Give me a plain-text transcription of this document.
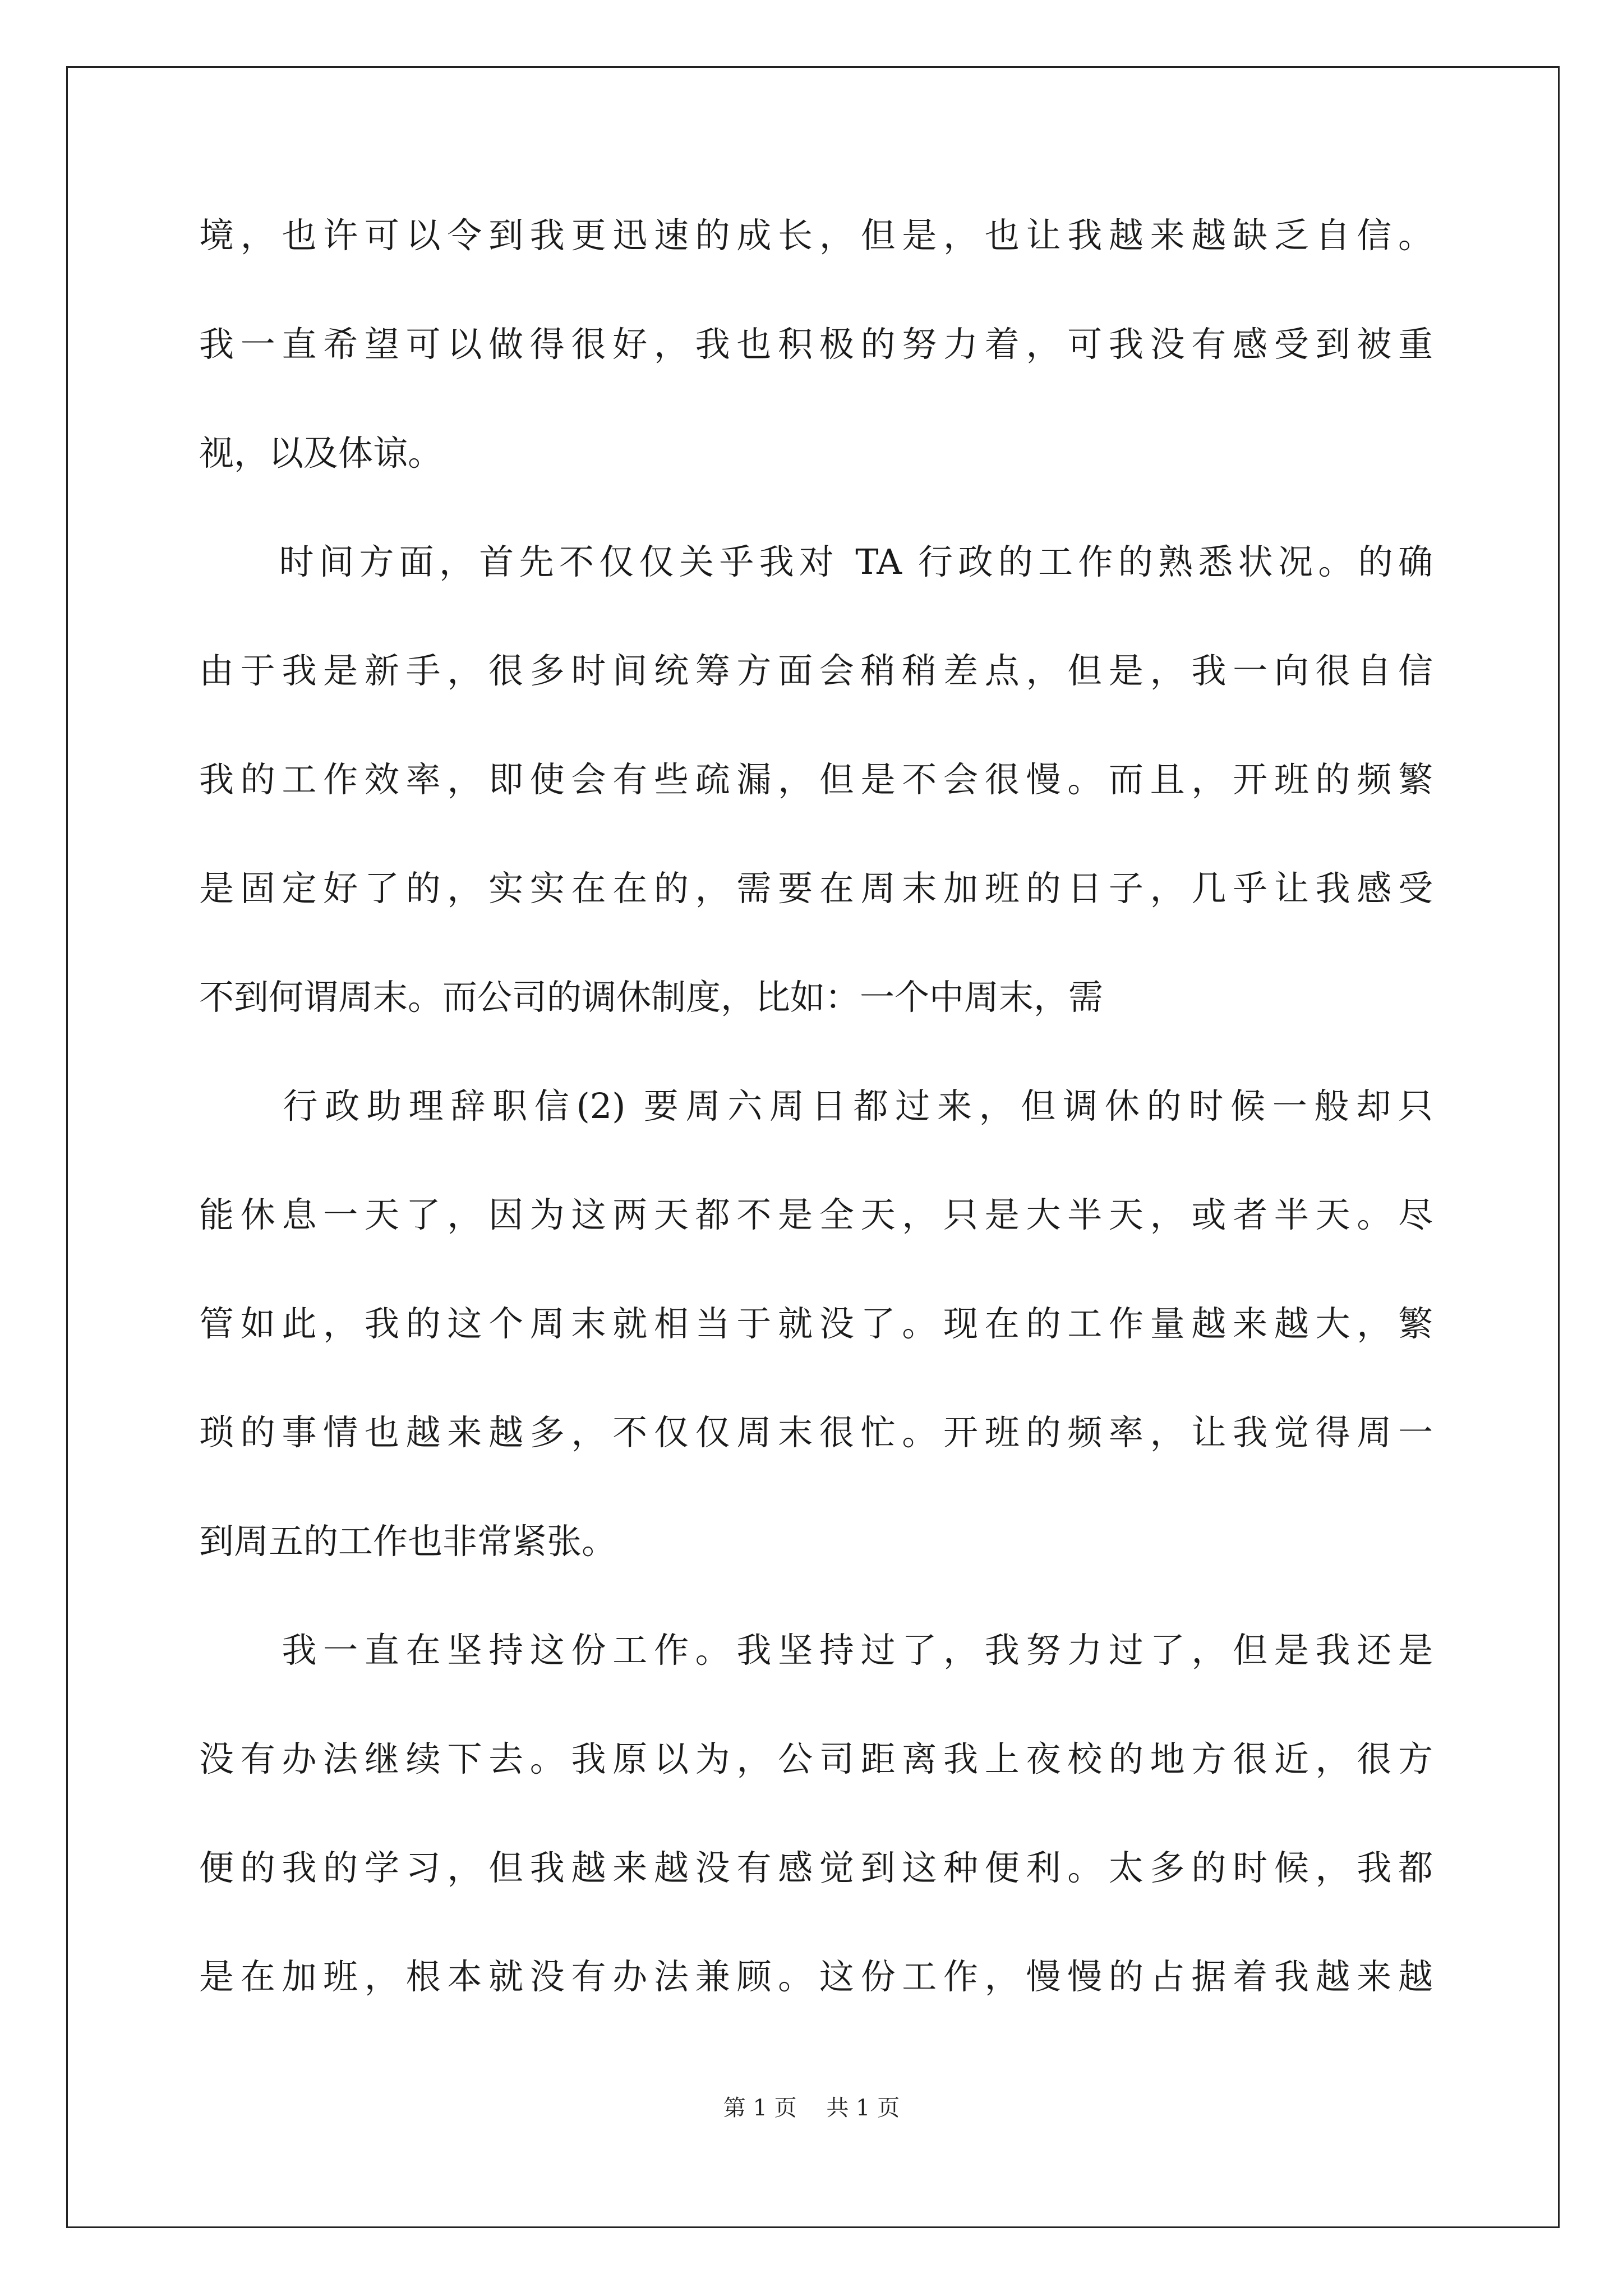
境，也许可以令到我更迅速的成长，但是，也让我越来越缺乏自信。
我一直希望可以做得很好，我也积极的努力着，可我没有感受到被重
视，以及体谅。
　　时间方面，首先不仅仅关乎我对 TA 行政的工作的熟悉状况。的确
由于我是新手，很多时间统筹方面会稍稍差点，但是，我一向很自信
我的工作效率，即使会有些疏漏，但是不会很慢。而且，开班的频繁
是固定好了的，实实在在的，需要在周末加班的日子，几乎让我感受
不到何谓周末。而公司的调休制度，比如：一个中周末，需
　　行政助理辞职信(2) 要周六周日都过来，但调休的时候一般却只
能休息一天了，因为这两天都不是全天，只是大半天，或者半天。尽
管如此，我的这个周末就相当于就没了。现在的工作量越来越大，繁
琐的事情也越来越多，不仅仅周末很忙。开班的频率，让我觉得周一
到周五的工作也非常紧张。
　　我一直在坚持这份工作。我坚持过了，我努力过了，但是我还是
没有办法继续下去。我原以为，公司距离我上夜校的地方很近，很方
便的我的学习，但我越来越没有感觉到这种便利。太多的时候，我都
是在加班，根本就没有办法兼顾。这份工作，慢慢的占据着我越来越
第 1 页　 共 1 页
